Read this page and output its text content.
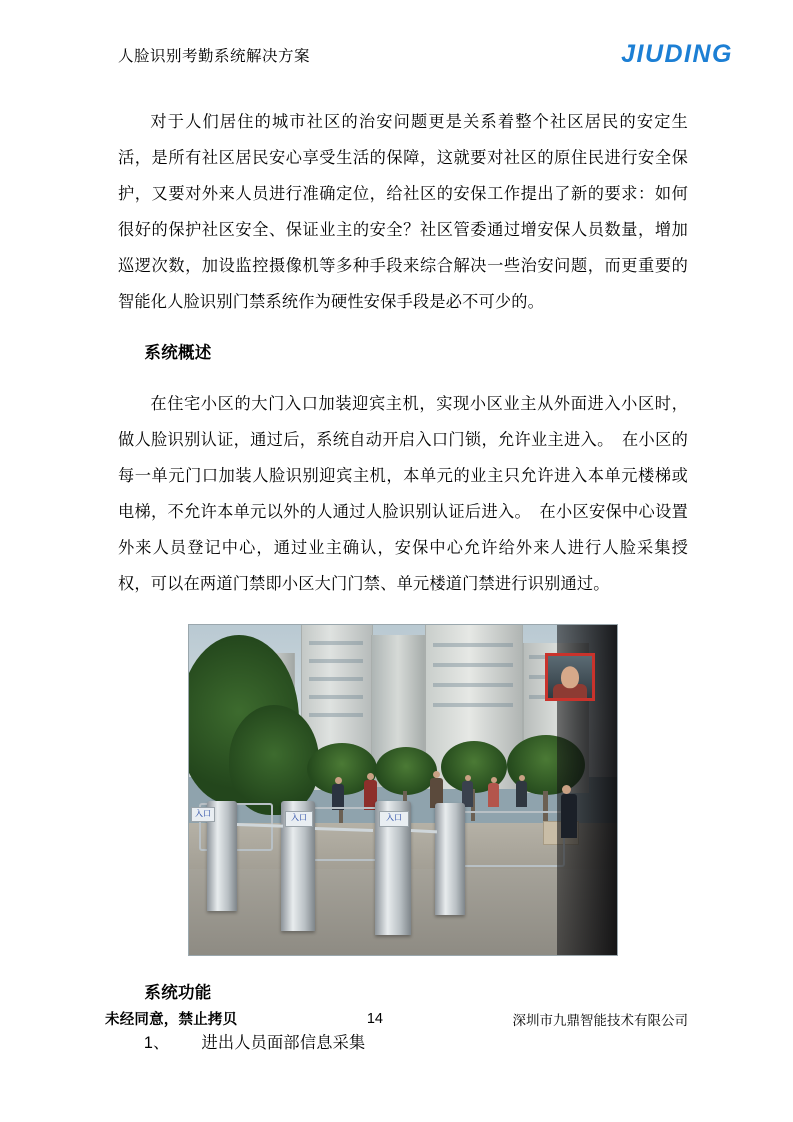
人脸识别考勤系统解决方案	JIUDING

对于人们居住的城市社区的治安问题更是关系着整个社区居民的安定生活，是所有社区居民安心享受生活的保障，这就要对社区的原住民进行安全保护，又要对外来人员进行准确定位，给社区的安保工作提出了新的要求：如何很好的保护社区安全、保证业主的安全？社区管委通过增安保人员数量，增加巡逻次数，加设监控摄像机等多种手段来综合解决一些治安问题，而更重要的智能化人脸识别门禁系统作为硬性安保手段是必不可少的。

系统概述

在住宅小区的大门入口加装迎宾主机，实现小区业主从外面进入小区时，做人脸识别认证，通过后，系统自动开启入口门锁，允许业主进入。　在小区的每一单元门口加装人脸识别迎宾主机，本单元的业主只允许进入本单元楼梯或电梯，不允许本单元以外的人通过人脸识别认证后进入。　在小区安保中心设置外来人员登记中心，通过业主确认，安保中心允许给外来人进行人脸采集授权，可以在两道门禁即小区大门门禁、单元楼道门禁进行识别通过。

入口	入口	入口
系统功能
1、 进出人员面部信息采集
未经同意，禁止拷贝	14	深圳市九鼎智能技术有限公司
